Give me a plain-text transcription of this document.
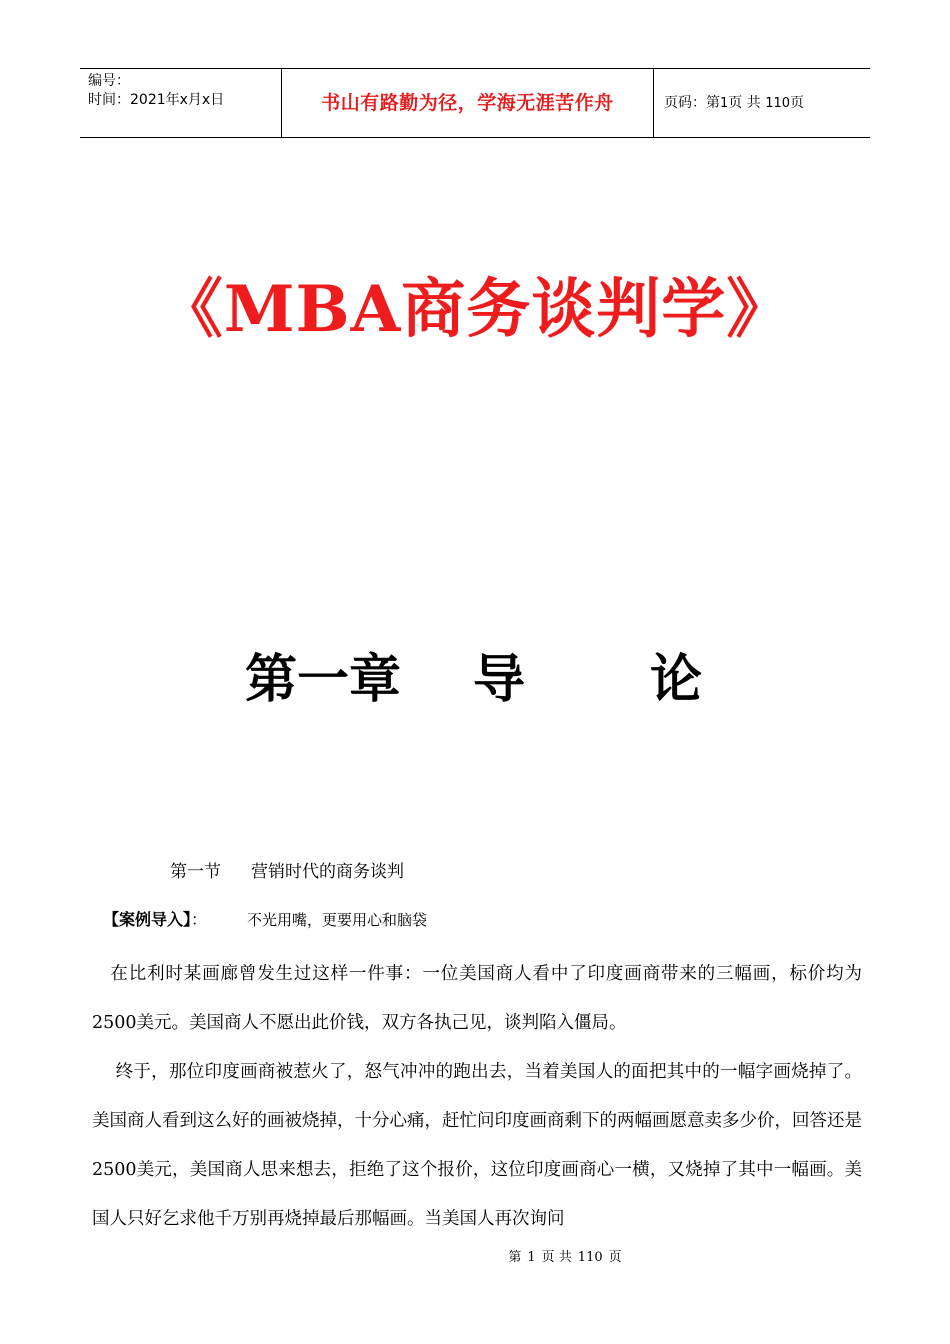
编号：
时间：2021年x月x日	书山有路勤为径，学海无涯苦作舟	页码：第1页 共 110页
《MBA商务谈判学》
第一章 导 论
第一节 营销时代的商务谈判
【案例导入】：	不光用嘴，更要用心和脑袋
　在比利时某画廊曾发生过这样一件事：一位美国商人看中了印度画商带来的三幅画，标价均为2500美元。美国商人不愿出此价钱，双方各执己见，谈判陷入僵局。
　 终于，那位印度画商被惹火了，怒气冲冲的跑出去，当着美国人的面把其中的一幅字画烧掉了。美国商人看到这么好的画被烧掉，十分心痛，赶忙问印度画商剩下的两幅画愿意卖多少价，回答还是2500美元，美国商人思来想去，拒绝了这个报价，这位印度画商心一横，又烧掉了其中一幅画。美国人只好乞求他千万别再烧掉最后那幅画。当美国人再次询问
第 1 页 共 110 页
